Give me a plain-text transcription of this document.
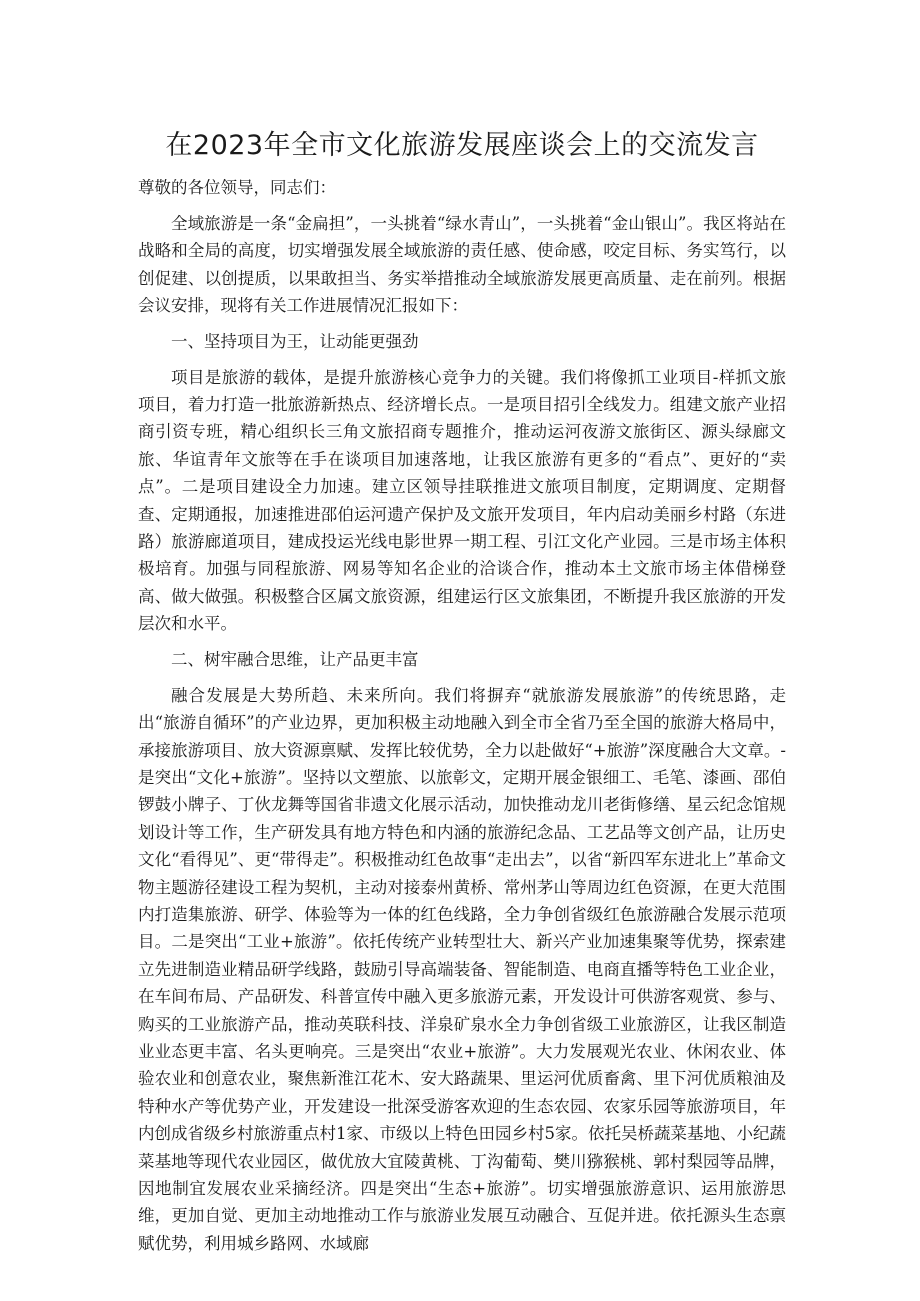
在2023年全市文化旅游发展座谈会上的交流发言

尊敬的各位领导，同志们：

全域旅游是一条“金扁担”，一头挑着“绿水青山”，一头挑着“金山银山”。我区将站在战略和全局的高度，切实增强发展全域旅游的责任感、使命感，咬定目标、务实笃行，以创促建、以创提质，以果敢担当、务实举措推动全域旅游发展更高质量、走在前列。根据会议安排，现将有关工作进展情况汇报如下：

一、坚持项目为王，让动能更强劲

项目是旅游的载体，是提升旅游核心竞争力的关键。我们将像抓工业项目-样抓文旅项目，着力打造一批旅游新热点、经济增长点。一是项目招引全线发力。组建文旅产业招商引资专班，精心组织长三角文旅招商专题推介，推动运河夜游文旅街区、源头绿廊文旅、华谊青年文旅等在手在谈项目加速落地，让我区旅游有更多的“看点”、更好的“卖点”。二是项目建设全力加速。建立区领导挂联推进文旅项目制度，定期调度、定期督查、定期通报，加速推进邵伯运河遗产保护及文旅开发项目，年内启动美丽乡村路（东进路）旅游廊道项目，建成投运光线电影世界一期工程、引江文化产业园。三是市场主体积极培育。加强与同程旅游、网易等知名企业的洽谈合作，推动本土文旅市场主体借梯登高、做大做强。积极整合区属文旅资源，组建运行区文旅集团，不断提升我区旅游的开发层次和水平。

二、树牢融合思维，让产品更丰富

融合发展是大势所趋、未来所向。我们将摒弃“就旅游发展旅游”的传统思路，走出“旅游自循环”的产业边界，更加积极主动地融入到全市全省乃至全国的旅游大格局中，承接旅游项目、放大资源禀赋、发挥比较优势，全力以赴做好“+旅游”深度融合大文章。-是突出“文化+旅游”。坚持以文塑旅、以旅彰文，定期开展金银细工、毛笔、漆画、邵伯锣鼓小牌子、丁伙龙舞等国省非遗文化展示活动，加快推动龙川老街修缮、星云纪念馆规划设计等工作，生产研发具有地方特色和内涵的旅游纪念品、工艺品等文创产品，让历史文化“看得见”、更“带得走”。积极推动红色故事“走出去”，以省“新四军东进北上”革命文物主题游径建设工程为契机，主动对接泰州黄桥、常州茅山等周边红色资源，在更大范围内打造集旅游、研学、体验等为一体的红色线路，全力争创省级红色旅游融合发展示范项目。二是突出“工业+旅游”。依托传统产业转型壮大、新兴产业加速集聚等优势，探索建立先进制造业精品研学线路，鼓励引导高端装备、智能制造、电商直播等特色工业企业，在车间布局、产品研发、科普宣传中融入更多旅游元素，开发设计可供游客观赏、参与、购买的工业旅游产品，推动英联科技、洋泉矿泉水全力争创省级工业旅游区，让我区制造业业态更丰富、名头更响亮。三是突出“农业+旅游”。大力发展观光农业、休闲农业、体验农业和创意农业，聚焦新淮江花木、安大路蔬果、里运河优质畜禽、里下河优质粮油及特种水产等优势产业，开发建设一批深受游客欢迎的生态农园、农家乐园等旅游项目，年内创成省级乡村旅游重点村1家、市级以上特色田园乡村5家。依托吴桥蔬菜基地、小纪蔬菜基地等现代农业园区，做优放大宜陵黄桃、丁沟葡萄、樊川猕猴桃、郭村梨园等品牌，因地制宜发展农业采摘经济。四是突出“生态+旅游”。切实增强旅游意识、运用旅游思维，更加自觉、更加主动地推动工作与旅游业发展互动融合、互促并进。依托源头生态禀赋优势，利用城乡路网、水域廊
